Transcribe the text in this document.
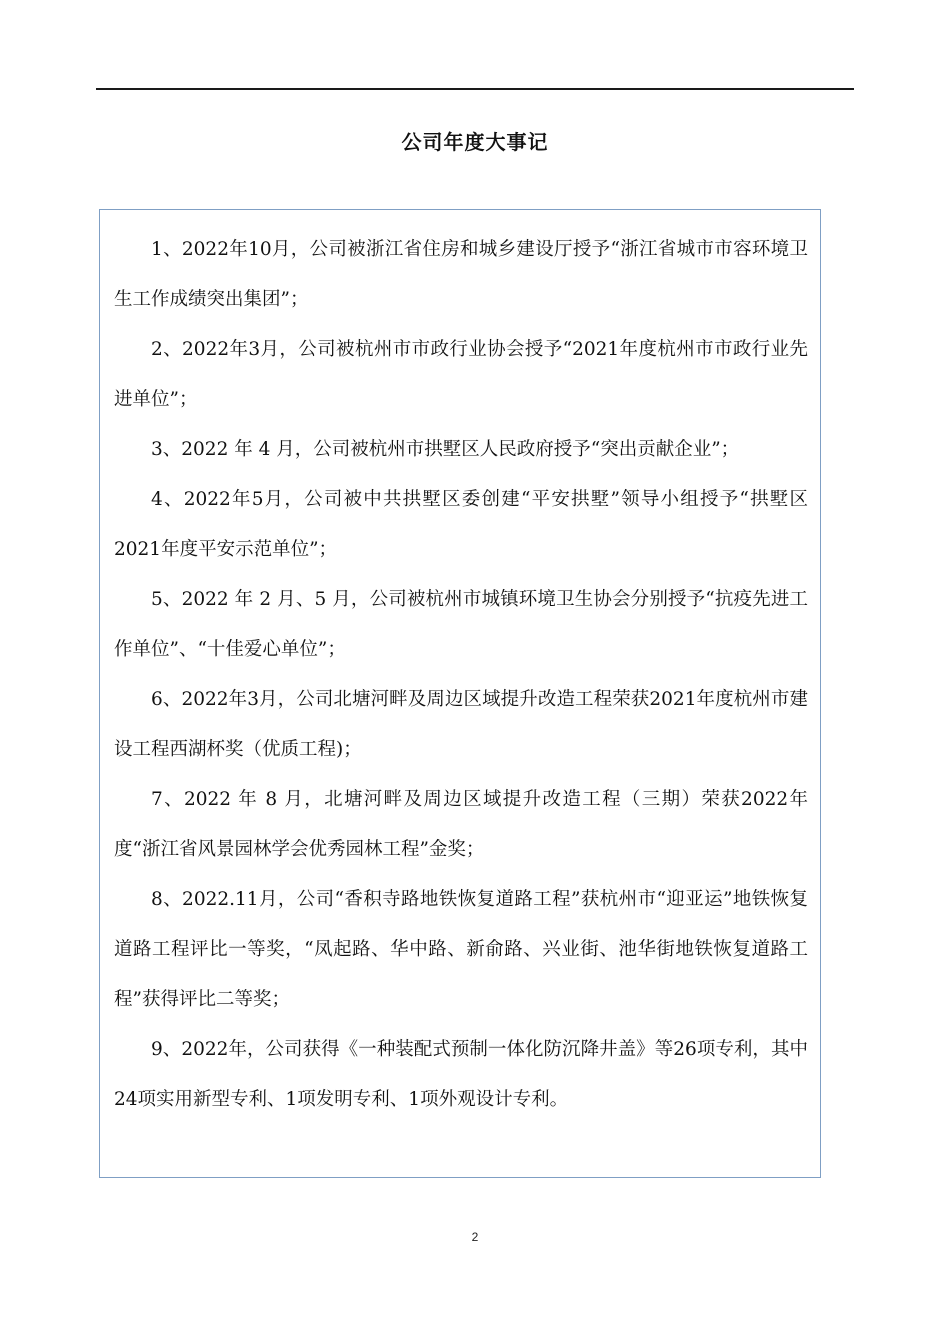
公司年度大事记

1、2022年10月，公司被浙江省住房和城乡建设厅授予“浙江省城市市容环境卫生工作成绩突出集团”；

2、2022年3月，公司被杭州市市政行业协会授予“2021年度杭州市市政行业先进单位”；

3、2022 年 4 月，公司被杭州市拱墅区人民政府授予“突出贡献企业”；

4、2022年5月，公司被中共拱墅区委创建“平安拱墅”领导小组授予“拱墅区2021年度平安示范单位”；

5、2022 年 2 月、5 月，公司被杭州市城镇环境卫生协会分别授予“抗疫先进工作单位”、“十佳爱心单位”；

6、2022年3月，公司北塘河畔及周边区域提升改造工程荣获2021年度杭州市建设工程西湖杯奖（优质工程)；

7、2022 年 8 月，北塘河畔及周边区域提升改造工程（三期）荣获2022年度“浙江省风景园林学会优秀园林工程”金奖；

8、2022.11月，公司“香积寺路地铁恢复道路工程”获杭州市“迎亚运”地铁恢复道路工程评比一等奖，“凤起路、华中路、新俞路、兴业街、池华街地铁恢复道路工程”获得评比二等奖；

9、2022年，公司获得《一种装配式预制一体化防沉降井盖》等26项专利，其中24项实用新型专利、1项发明专利、1项外观设计专利。

2
